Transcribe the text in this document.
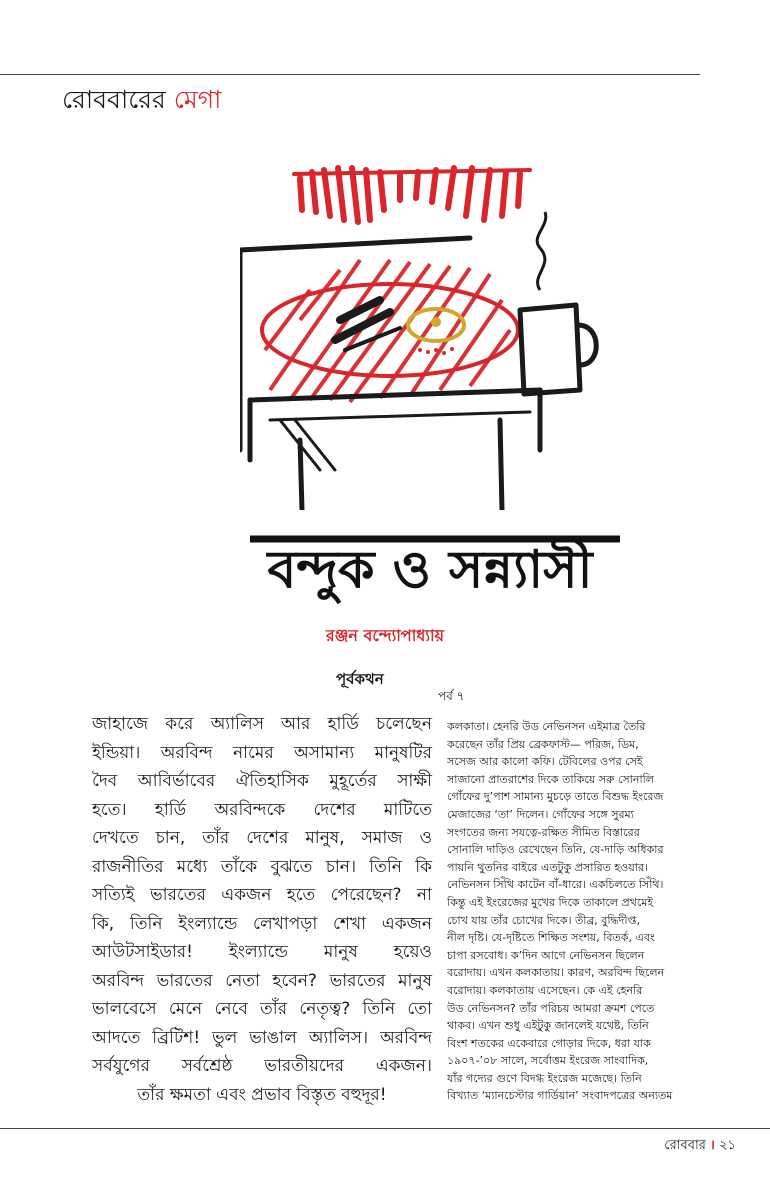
রোববারের মেগা
বন্দুক ও সন্ন্যাসী
রঞ্জন বন্দ্যোপাধ্যায়
পূর্বকথন
পর্ব ৭
জাহাজে করে অ্যালিস আর হার্ডি চলেছেন
ইন্ডিয়া। অরবিন্দ নামের অসামান্য মানুষটির
দৈব আবির্ভাবের ঐতিহাসিক মুহূর্তের সাক্ষী
হতে। হার্ডি অরবিন্দকে দেশের মাটিতে
দেখতে চান, তাঁর দেশের মানুষ, সমাজ ও
রাজনীতির মধ্যে তাঁকে বুঝতে চান। তিনি কি
সত্যিই ভারতের একজন হতে পেরেছেন? না
কি, তিনি ইংল্যান্ডে লেখাপড়া শেখা একজন
আউটসাইডার! ইংল্যান্ডে মানুষ হয়েও
অরবিন্দ ভারতের নেতা হবেন? ভারতের মানুষ
ভালবেসে মেনে নেবে তাঁর নেতৃত্ব? তিনি তো
আদতে ব্রিটিশ! ভুল ভাঙাল অ্যালিস। অরবিন্দ
সর্বযুগের সর্বশ্রেষ্ঠ ভারতীয়দের একজন।
তাঁর ক্ষমতা এবং প্রভাব বিস্তৃত বহুদূর!
কলকাতা। হেনরি উড নেভিনসন এইমাত্র তৈরি
করেছেন তাঁর প্রিয় ব্রেকফাস্ট— পরিজ, ডিম,
সসেজ আর কালো কফি। টেবিলের ওপর সেই
সাজানো প্রাতরাশের দিকে তাকিয়ে সরু সোনালি
গোঁফের দু’পাশ সামান্য মুচড়ে তাতে বিশুদ্ধ ইংরেজ
মেজাজের ‘তা’ দিলেন। গোঁফের সঙ্গে সুরম্য
সংগতের জন্য সযত্নে-রক্ষিত সীমিত বিস্তারের
সোনালি দাড়িও রেখেছেন তিনি, যে-দাড়ি অধিকার
পায়নি থুতনির বাইরে এতটুকু প্রসারিত হওয়ার।
নেভিনসন সিঁথি কাটেন বাঁ-ধারে। একচিলতে সিঁথি।
কিন্তু এই ইংরেজের মুখের দিকে তাকালে প্রথমেই
চোখ যায় তাঁর চোখের দিকে। তীব্র, বুদ্ধিদীপ্ত,
নীল দৃষ্টি। যে-দৃষ্টিতে শিক্ষিত সংশয়, বিতর্ক, এবং
চাপা রসবোধ। ক’দিন আগে নেভিনসন ছিলেন
বরোদায়। এখন কলকাতায়। কারণ, অরবিন্দ ছিলেন
বরোদায়। কলকাতায় এসেছেন। কে এই হেনরি
উড নেভিনসন? তাঁর পরিচয় আমরা ক্রমশ পেতে
থাকব। এখন শুধু এইটুকু জানলেই যথেষ্ট, তিনি
বিংশ শতকের একেবারে গোড়ার দিকে, ধরা যাক
১৯০৭-’০৮ সালে, সর্বোত্তম ইংরেজ সাংবাদিক,
যাঁর গদ্যের গুণে বিদগ্ধ ইংরেজ মজেছে। তিনি
বিখ্যাত ‘ম্যানচেস্টার গার্ডিয়ান’ সংবাদপত্রের অন্যতম
রোববার । ২১
